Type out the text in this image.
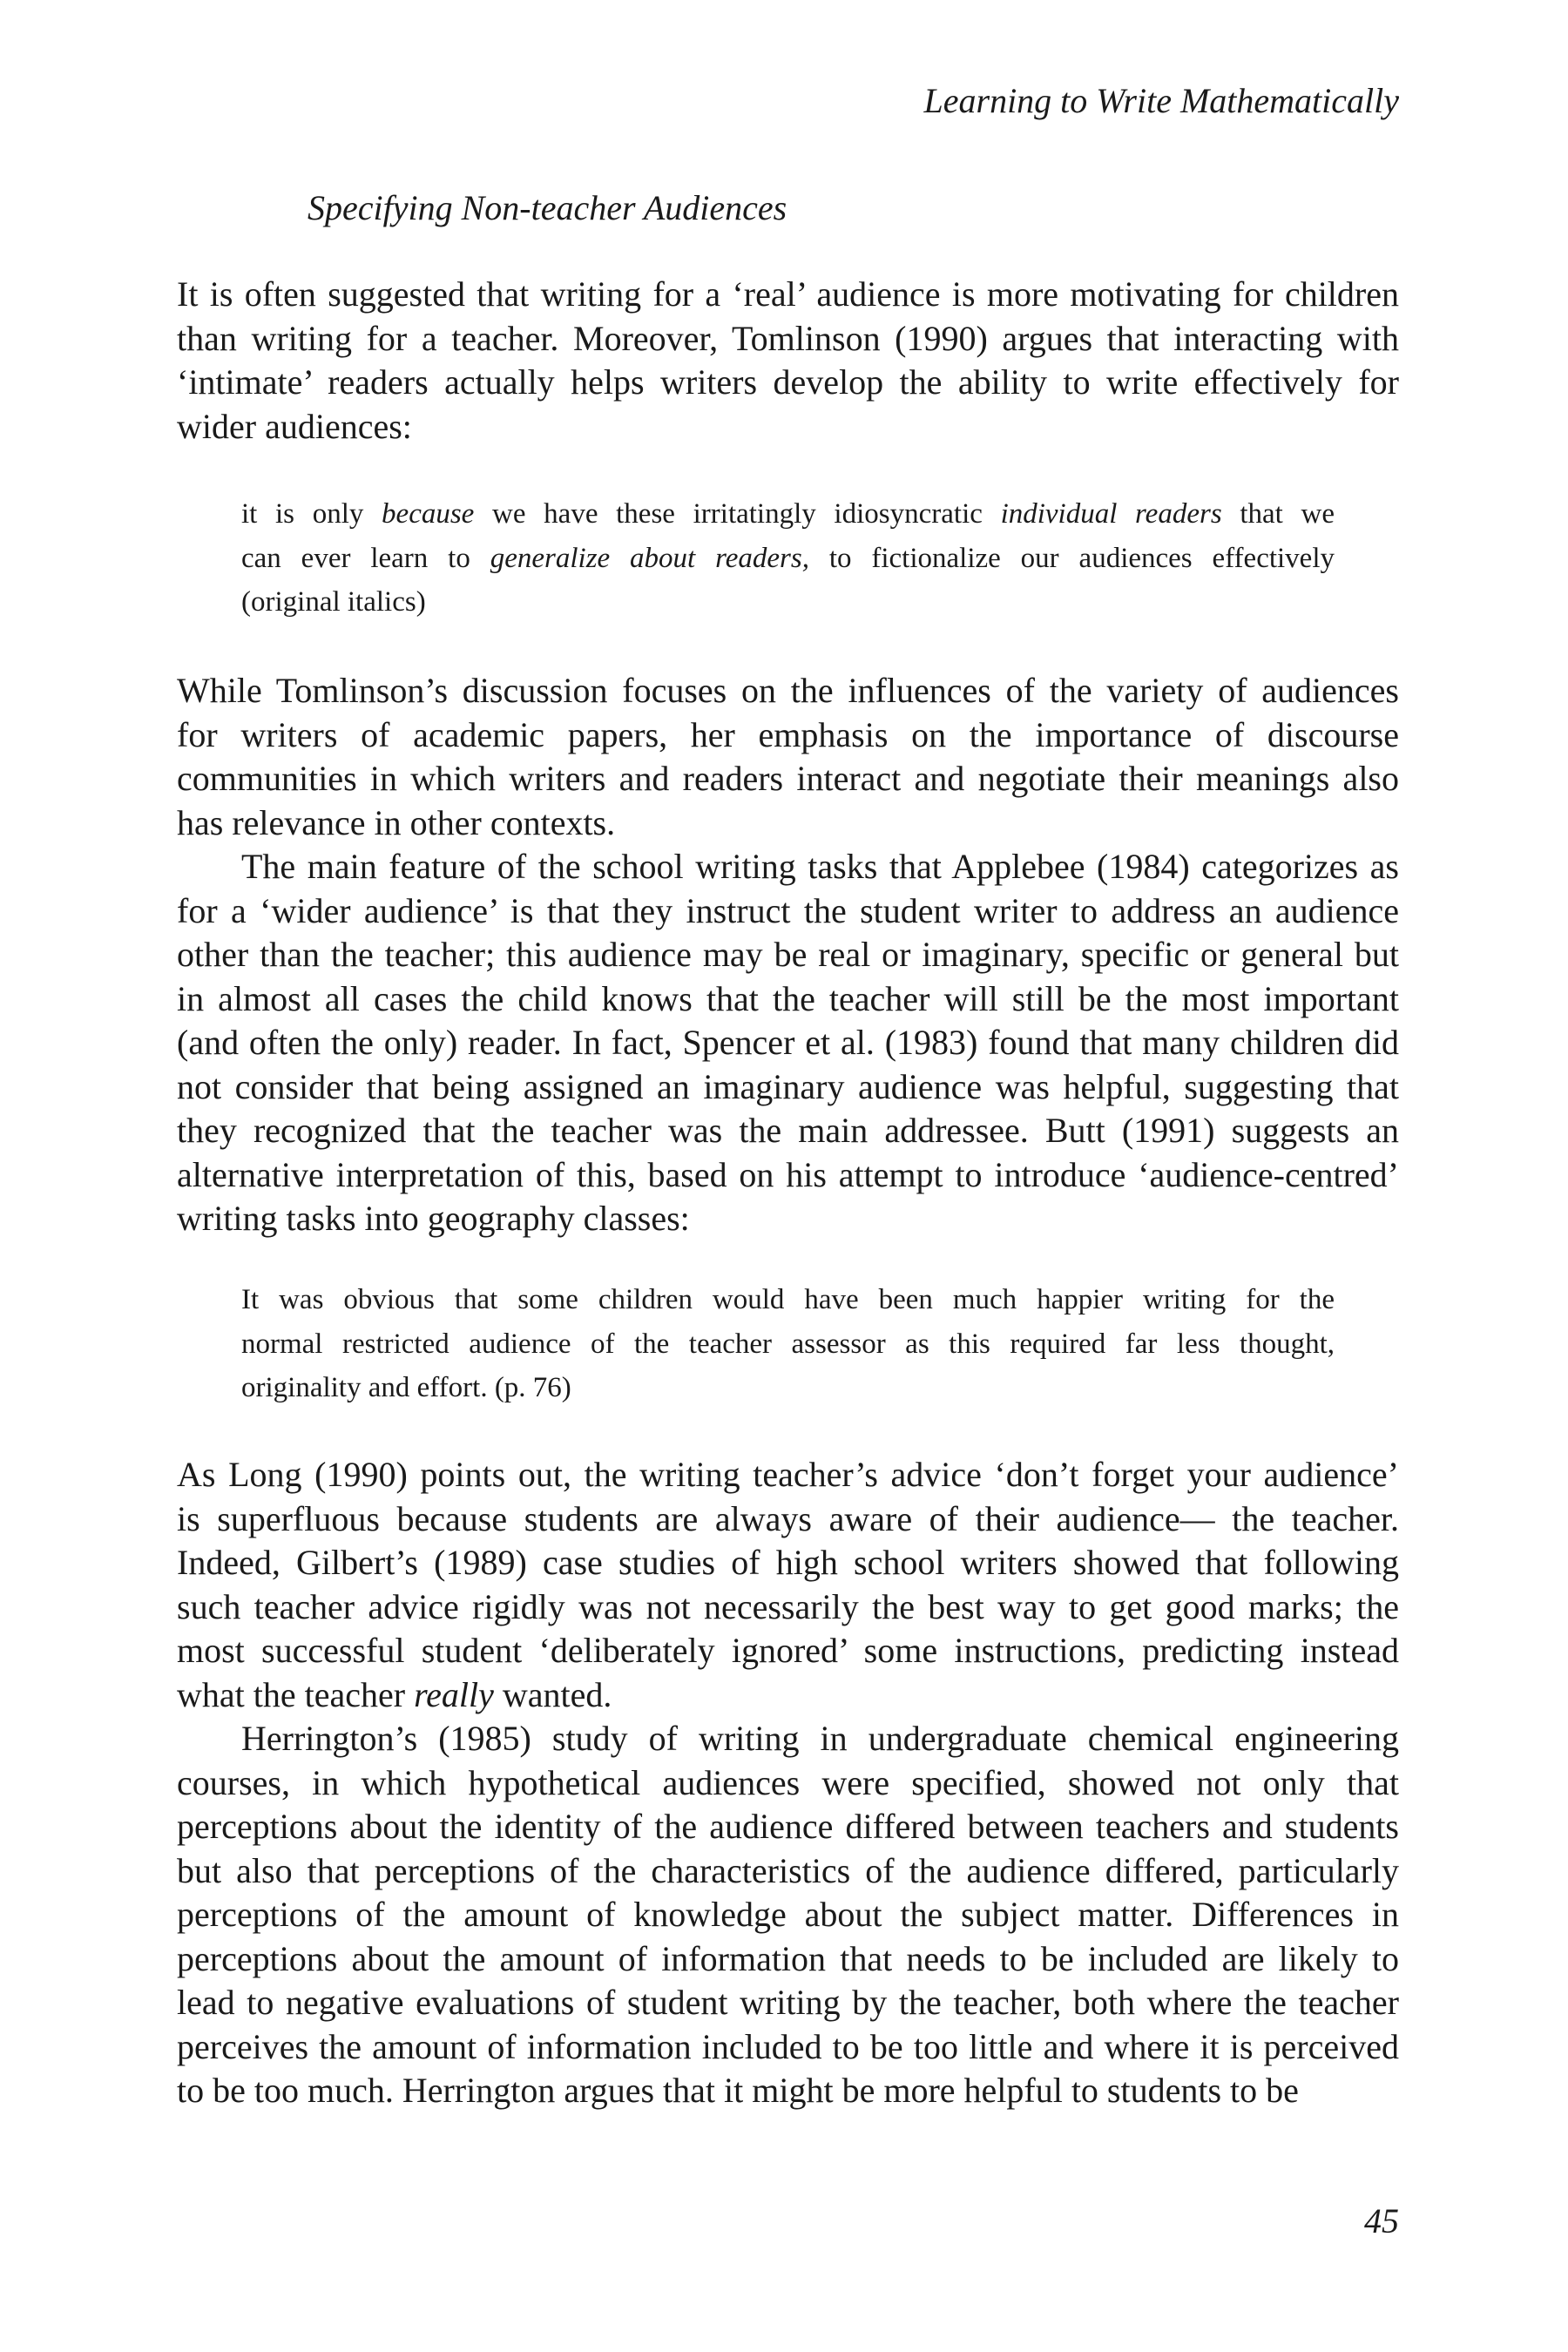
Learning to Write Mathematically
Specifying Non-teacher Audiences
It is often suggested that writing for a ‘real’ audience is more motivating for children
than writing for a teacher. Moreover, Tomlinson (1990) argues that interacting with
‘intimate’ readers actually helps writers develop the ability to write effectively for
wider audiences:
it is only because we have these irritatingly idiosyncratic individual readers that we
can ever learn to generalize about readers, to fictionalize our audiences effectively
(original italics)
While Tomlinson’s discussion focuses on the influences of the variety of audiences
for writers of academic papers, her emphasis on the importance of discourse
communities in which writers and readers interact and negotiate their meanings also
has relevance in other contexts.
The main feature of the school writing tasks that Applebee (1984) categorizes as
for a ‘wider audience’ is that they instruct the student writer to address an audience
other than the teacher; this audience may be real or imaginary, specific or general but
in almost all cases the child knows that the teacher will still be the most important
(and often the only) reader. In fact, Spencer et al. (1983) found that many children did
not consider that being assigned an imaginary audience was helpful, suggesting that
they recognized that the teacher was the main addressee. Butt (1991) suggests an
alternative interpretation of this, based on his attempt to introduce ‘audience-centred’
writing tasks into geography classes:
It was obvious that some children would have been much happier writing for the
normal restricted audience of the teacher assessor as this required far less thought,
originality and effort. (p. 76)
As Long (1990) points out, the writing teacher’s advice ‘don’t forget your audience’
is superfluous because students are always aware of their audience— the teacher.
Indeed, Gilbert’s (1989) case studies of high school writers showed that following
such teacher advice rigidly was not necessarily the best way to get good marks; the
most successful student ‘deliberately ignored’ some instructions, predicting instead
what the teacher really wanted.
Herrington’s (1985) study of writing in undergraduate chemical engineering
courses, in which hypothetical audiences were specified, showed not only that
perceptions about the identity of the audience differed between teachers and students
but also that perceptions of the characteristics of the audience differed, particularly
perceptions of the amount of knowledge about the subject matter. Differences in
perceptions about the amount of information that needs to be included are likely to
lead to negative evaluations of student writing by the teacher, both where the teacher
perceives the amount of information included to be too little and where it is perceived
to be too much. Herrington argues that it might be more helpful to students to be
45
